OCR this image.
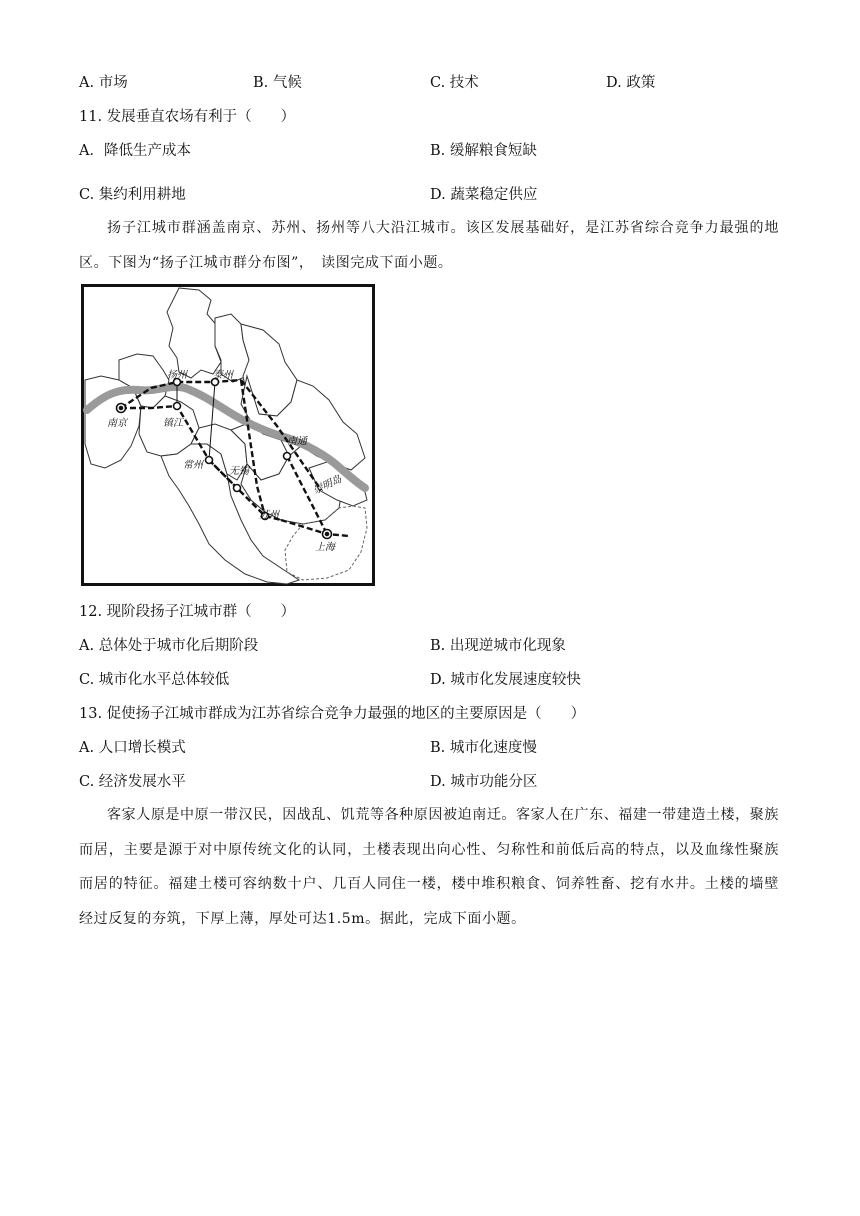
A. 市场	B. 气候	C. 技术	D. 政策
11. 发展垂直农场有利于（　　）
A．降低生产成本	B. 缓解粮食短缺
C. 集约利用耕地	D. 蔬菜稳定供应

扬子江城市群涵盖南京、苏州、扬州等八大沿江城市。该区发展基础好，是江苏省综合竞争力最强的地区。下图为“扬子江城市群分布图”，　读图完成下面小题。

扬州	泰州
南京	镇江
南通
常州
无锡
崇明岛
苏州
上海
12. 现阶段扬子江城市群（　　）
A. 总体处于城市化后期阶段	B. 出现逆城市化现象
C. 城市化水平总体较低	D. 城市化发展速度较快
13. 促使扬子江城市群成为江苏省综合竞争力最强的地区的主要原因是（　　）
A. 人口增长模式	B. 城市化速度慢
C. 经济发展水平	D. 城市功能分区

客家人原是中原一带汉民，因战乱、饥荒等各种原因被迫南迁。客家人在广东、福建一带建造土楼，聚族而居，主要是源于对中原传统文化的认同，土楼表现出向心性、匀称性和前低后高的特点，以及血缘性聚族而居的特征。福建土楼可容纳数十户、几百人同住一楼，楼中堆积粮食、饲养牲畜、挖有水井。土楼的墙壁经过反复的夯筑，下厚上薄，厚处可达1.5m。据此，完成下面小题。
